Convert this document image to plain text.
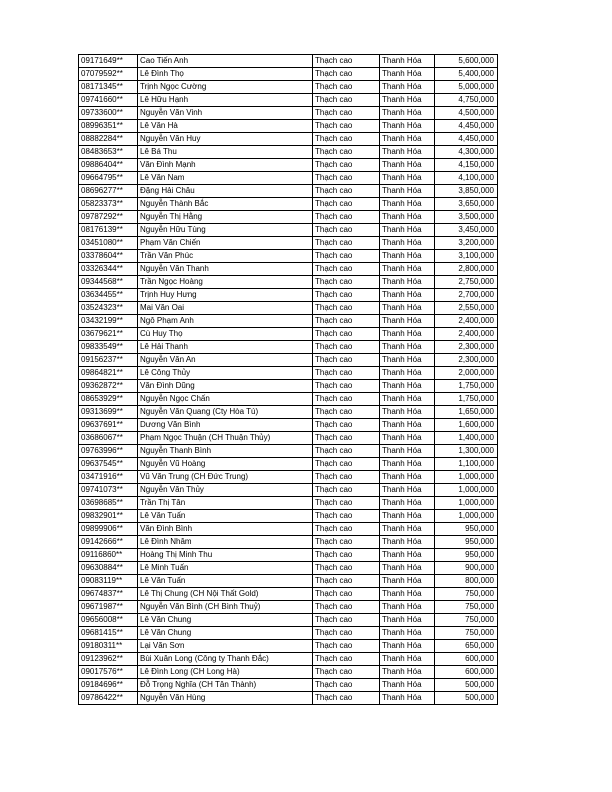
09171649**	Cao Tiến Anh	Thạch cao	Thanh Hóa	5,600,000
07079592**	Lê Đình Thọ	Thạch cao	Thanh Hóa	5,400,000
08171345**	Trịnh Ngọc Cường	Thạch cao	Thanh Hóa	5,000,000
09741660**	Lê Hữu Hạnh	Thạch cao	Thanh Hóa	4,750,000
09733600**	Nguyễn Văn Vinh	Thạch cao	Thanh Hóa	4,500,000
08996351**	Lê Văn Hà	Thạch cao	Thanh Hóa	4,450,000
08882284**	Nguyễn Văn Huy	Thạch cao	Thanh Hóa	4,450,000
08483653**	Lê Bá Thu	Thạch cao	Thanh Hóa	4,300,000
09886404**	Văn Đình Mạnh	Thạch cao	Thanh Hóa	4,150,000
09664795**	Lê Văn Nam	Thạch cao	Thanh Hóa	4,100,000
08696277**	Đặng Hải Châu	Thạch cao	Thanh Hóa	3,850,000
05823373**	Nguyễn Thành Bắc	Thạch cao	Thanh Hóa	3,650,000
09787292**	Nguyễn Thị Hằng	Thạch cao	Thanh Hóa	3,500,000
08176139**	Nguyễn Hữu Tùng	Thạch cao	Thanh Hóa	3,450,000
03451080**	Phạm Văn Chiến	Thạch cao	Thanh Hóa	3,200,000
03378604**	Trần Văn Phúc	Thạch cao	Thanh Hóa	3,100,000
03326344**	Nguyễn Văn Thanh	Thạch cao	Thanh Hóa	2,800,000
09344568**	Trần Ngọc Hoàng	Thạch cao	Thanh Hóa	2,750,000
03634455**	Trịnh Huy Hưng	Thạch cao	Thanh Hóa	2,700,000
03524323**	Mai Văn Oai	Thạch cao	Thanh Hóa	2,550,000
03432199**	Ngô Phạm Anh	Thạch cao	Thanh Hóa	2,400,000
03679621**	Cù Huy Thọ	Thạch cao	Thanh Hóa	2,400,000
09833549**	Lê Hải Thanh	Thạch cao	Thanh Hóa	2,300,000
09156237**	Nguyễn Văn An	Thạch cao	Thanh Hóa	2,300,000
09864821**	Lê Công Thủy	Thạch cao	Thanh Hóa	2,000,000
09362872**	Văn Đình Dũng	Thạch cao	Thanh Hóa	1,750,000
08653929**	Nguyễn Ngọc Chấn	Thạch cao	Thanh Hóa	1,750,000
09313699**	Nguyễn Văn Quang (Cty Hòa Tú)	Thạch cao	Thanh Hóa	1,650,000
09637691**	Dương Văn Bình	Thạch cao	Thanh Hóa	1,600,000
03686067**	Phạm Ngọc Thuận (CH Thuận Thủy)	Thạch cao	Thanh Hóa	1,400,000
09763996**	Nguyễn Thanh Bình	Thạch cao	Thanh Hóa	1,300,000
09637545**	Nguyễn Vũ Hoàng	Thạch cao	Thanh Hóa	1,100,000
03471916**	Vũ Văn Trung (CH Đức Trung)	Thạch cao	Thanh Hóa	1,000,000
09741073**	Nguyễn Văn Thủy	Thạch cao	Thanh Hóa	1,000,000
03698685**	Trần Thị Tân	Thạch cao	Thanh Hóa	1,000,000
09832901**	Lê Văn Tuấn	Thạch cao	Thanh Hóa	1,000,000
09899906**	Văn Đình Bình	Thạch cao	Thanh Hóa	950,000
09142666**	Lê Đình Nhâm	Thạch cao	Thanh Hóa	950,000
09116860**	Hoàng Thị Minh Thu	Thạch cao	Thanh Hóa	950,000
09630884**	Lê Minh Tuấn	Thạch cao	Thanh Hóa	900,000
09083119**	Lê Văn Tuấn	Thạch cao	Thanh Hóa	800,000
09674837**	Lê Thị Chung (CH Nội Thất Gold)	Thạch cao	Thanh Hóa	750,000
09671987**	Nguyễn Văn Bình (CH Bình Thuỷ)	Thạch cao	Thanh Hóa	750,000
09656008**	Lê Văn Chung	Thạch cao	Thanh Hóa	750,000
09681415**	Lê Văn Chung	Thạch cao	Thanh Hóa	750,000
09180311**	Lại Văn Sơn	Thạch cao	Thanh Hóa	650,000
09123962**	Bùi Xuân Long (Công ty Thanh Đắc)	Thạch cao	Thanh Hóa	600,000
09017576**	Lê Đình Long (CH Long Hà)	Thạch cao	Thanh Hóa	600,000
09184696**	Đỗ Trọng Nghĩa (CH Tân Thành)	Thạch cao	Thanh Hóa	500,000
09786422**	Nguyễn Văn Hùng	Thạch cao	Thanh Hóa	500,000
